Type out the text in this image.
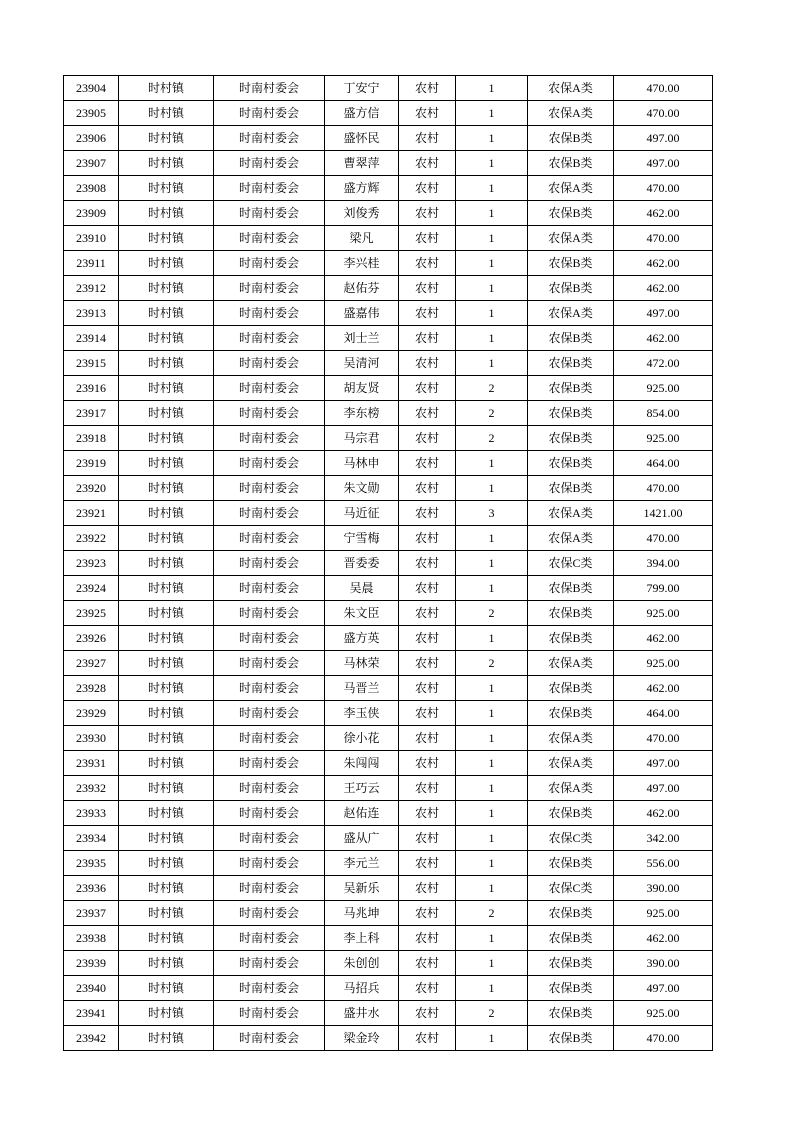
23904	时村镇	时南村委会	丁安宁	农村	1	农保A类	470.00
23905	时村镇	时南村委会	盛方信	农村	1	农保A类	470.00
23906	时村镇	时南村委会	盛怀民	农村	1	农保B类	497.00
23907	时村镇	时南村委会	曹翠萍	农村	1	农保B类	497.00
23908	时村镇	时南村委会	盛方辉	农村	1	农保A类	470.00
23909	时村镇	时南村委会	刘俊秀	农村	1	农保B类	462.00
23910	时村镇	时南村委会	梁凡	农村	1	农保A类	470.00
23911	时村镇	时南村委会	李兴桂	农村	1	农保B类	462.00
23912	时村镇	时南村委会	赵佑芬	农村	1	农保B类	462.00
23913	时村镇	时南村委会	盛嘉伟	农村	1	农保A类	497.00
23914	时村镇	时南村委会	刘士兰	农村	1	农保B类	462.00
23915	时村镇	时南村委会	吴清河	农村	1	农保B类	472.00
23916	时村镇	时南村委会	胡友贤	农村	2	农保B类	925.00
23917	时村镇	时南村委会	李东榜	农村	2	农保B类	854.00
23918	时村镇	时南村委会	马宗君	农村	2	农保B类	925.00
23919	时村镇	时南村委会	马林申	农村	1	农保B类	464.00
23920	时村镇	时南村委会	朱文勋	农村	1	农保B类	470.00
23921	时村镇	时南村委会	马近征	农村	3	农保A类	1421.00
23922	时村镇	时南村委会	宁雪梅	农村	1	农保A类	470.00
23923	时村镇	时南村委会	晋委委	农村	1	农保C类	394.00
23924	时村镇	时南村委会	吴晨	农村	1	农保B类	799.00
23925	时村镇	时南村委会	朱文臣	农村	2	农保B类	925.00
23926	时村镇	时南村委会	盛方英	农村	1	农保B类	462.00
23927	时村镇	时南村委会	马林荣	农村	2	农保A类	925.00
23928	时村镇	时南村委会	马晋兰	农村	1	农保B类	462.00
23929	时村镇	时南村委会	李玉侠	农村	1	农保B类	464.00
23930	时村镇	时南村委会	徐小花	农村	1	农保A类	470.00
23931	时村镇	时南村委会	朱闯闯	农村	1	农保A类	497.00
23932	时村镇	时南村委会	王巧云	农村	1	农保A类	497.00
23933	时村镇	时南村委会	赵佑连	农村	1	农保B类	462.00
23934	时村镇	时南村委会	盛从广	农村	1	农保C类	342.00
23935	时村镇	时南村委会	李元兰	农村	1	农保B类	556.00
23936	时村镇	时南村委会	吴新乐	农村	1	农保C类	390.00
23937	时村镇	时南村委会	马兆坤	农村	2	农保B类	925.00
23938	时村镇	时南村委会	李上科	农村	1	农保B类	462.00
23939	时村镇	时南村委会	朱创创	农村	1	农保B类	390.00
23940	时村镇	时南村委会	马招兵	农村	1	农保B类	497.00
23941	时村镇	时南村委会	盛井水	农村	2	农保B类	925.00
23942	时村镇	时南村委会	梁金玲	农村	1	农保B类	470.00
